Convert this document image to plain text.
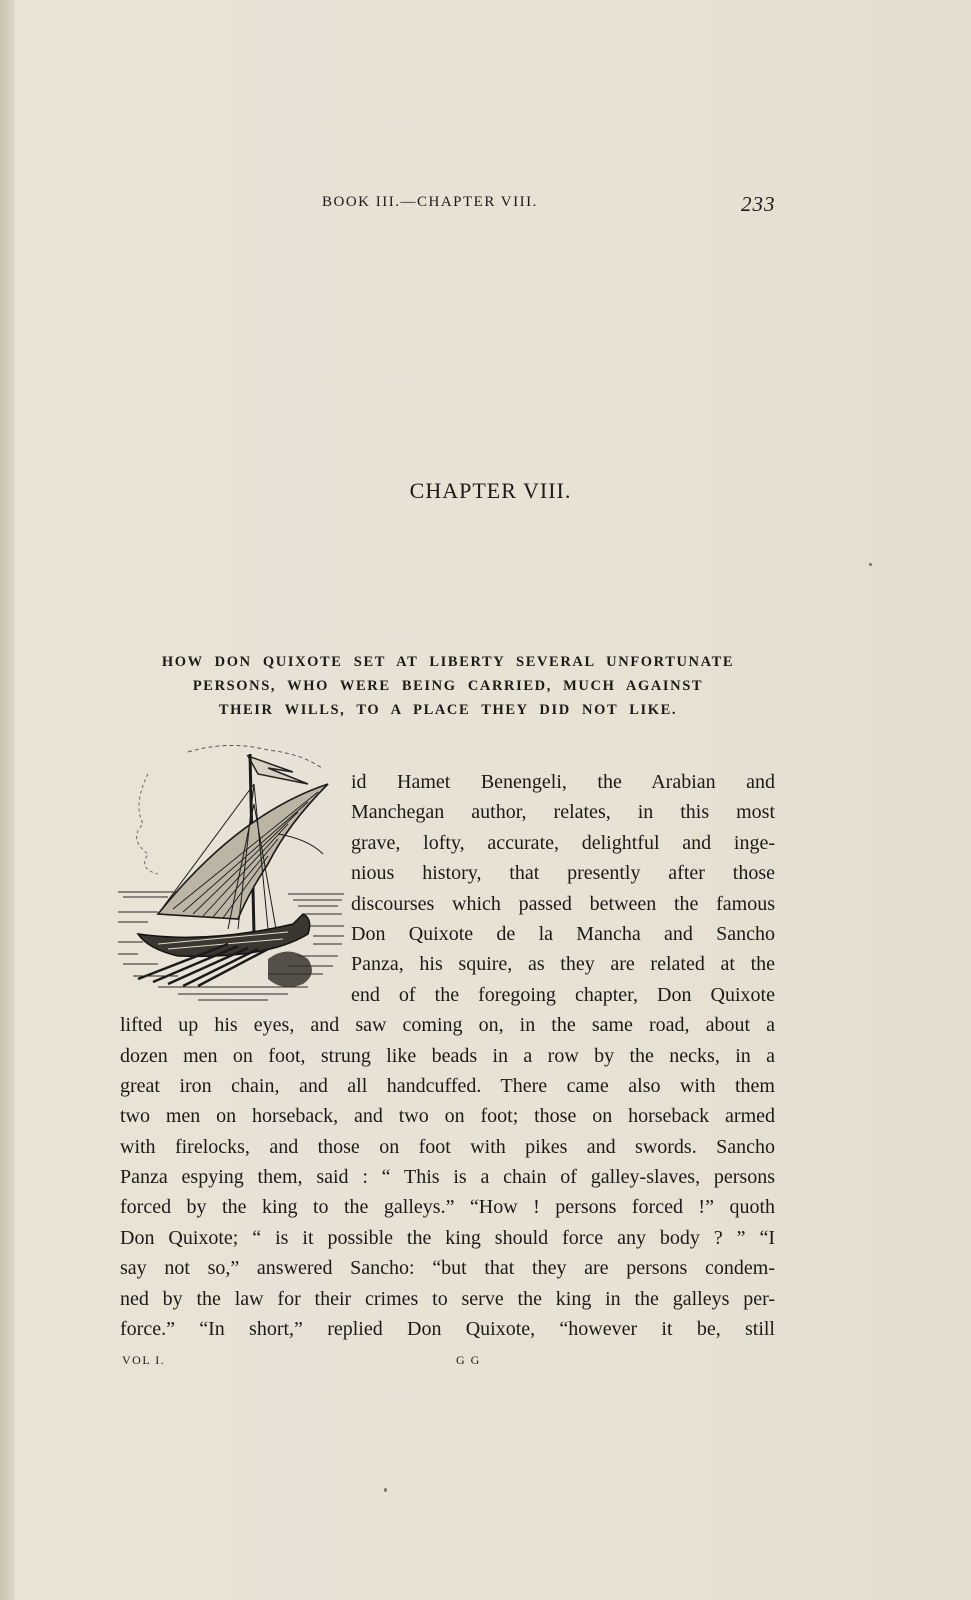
BOOK III.—CHAPTER VIII.	233
CHAPTER VIII.
HOW DON QUIXOTE SET AT LIBERTY SEVERAL UNFORTUNATE
PERSONS, WHO WERE BEING CARRIED, MUCH AGAINST
THEIR WILLS, TO A PLACE THEY DID NOT LIKE.
id Hamet Benengeli, the Arabian and
Manchegan author, relates, in this most
grave, lofty, accurate, delightful and inge-
nious history, that presently after those
discourses which passed between the famous
Don Quixote de la Mancha and Sancho
Panza, his squire, as they are related at the
end of the foregoing chapter, Don Quixote
lifted up his eyes, and saw coming on, in the same road, about a
dozen men on foot, strung like beads in a row by the necks, in a
great iron chain, and all handcuffed. There came also with them
two men on horseback, and two on foot; those on horseback armed
with firelocks, and those on foot with pikes and swords. Sancho
Panza espying them, said : “ This is a chain of galley-slaves, persons
forced by the king to the galleys.” “How ! persons forced !” quoth
Don Quixote; “ is it possible the king should force any body ? ” “I
say not so,” answered Sancho: “but that they are persons condem-
ned by the law for their crimes to serve the king in the galleys per-
force.” “In short,” replied Don Quixote, “however it be, still
VOL I.	G G
